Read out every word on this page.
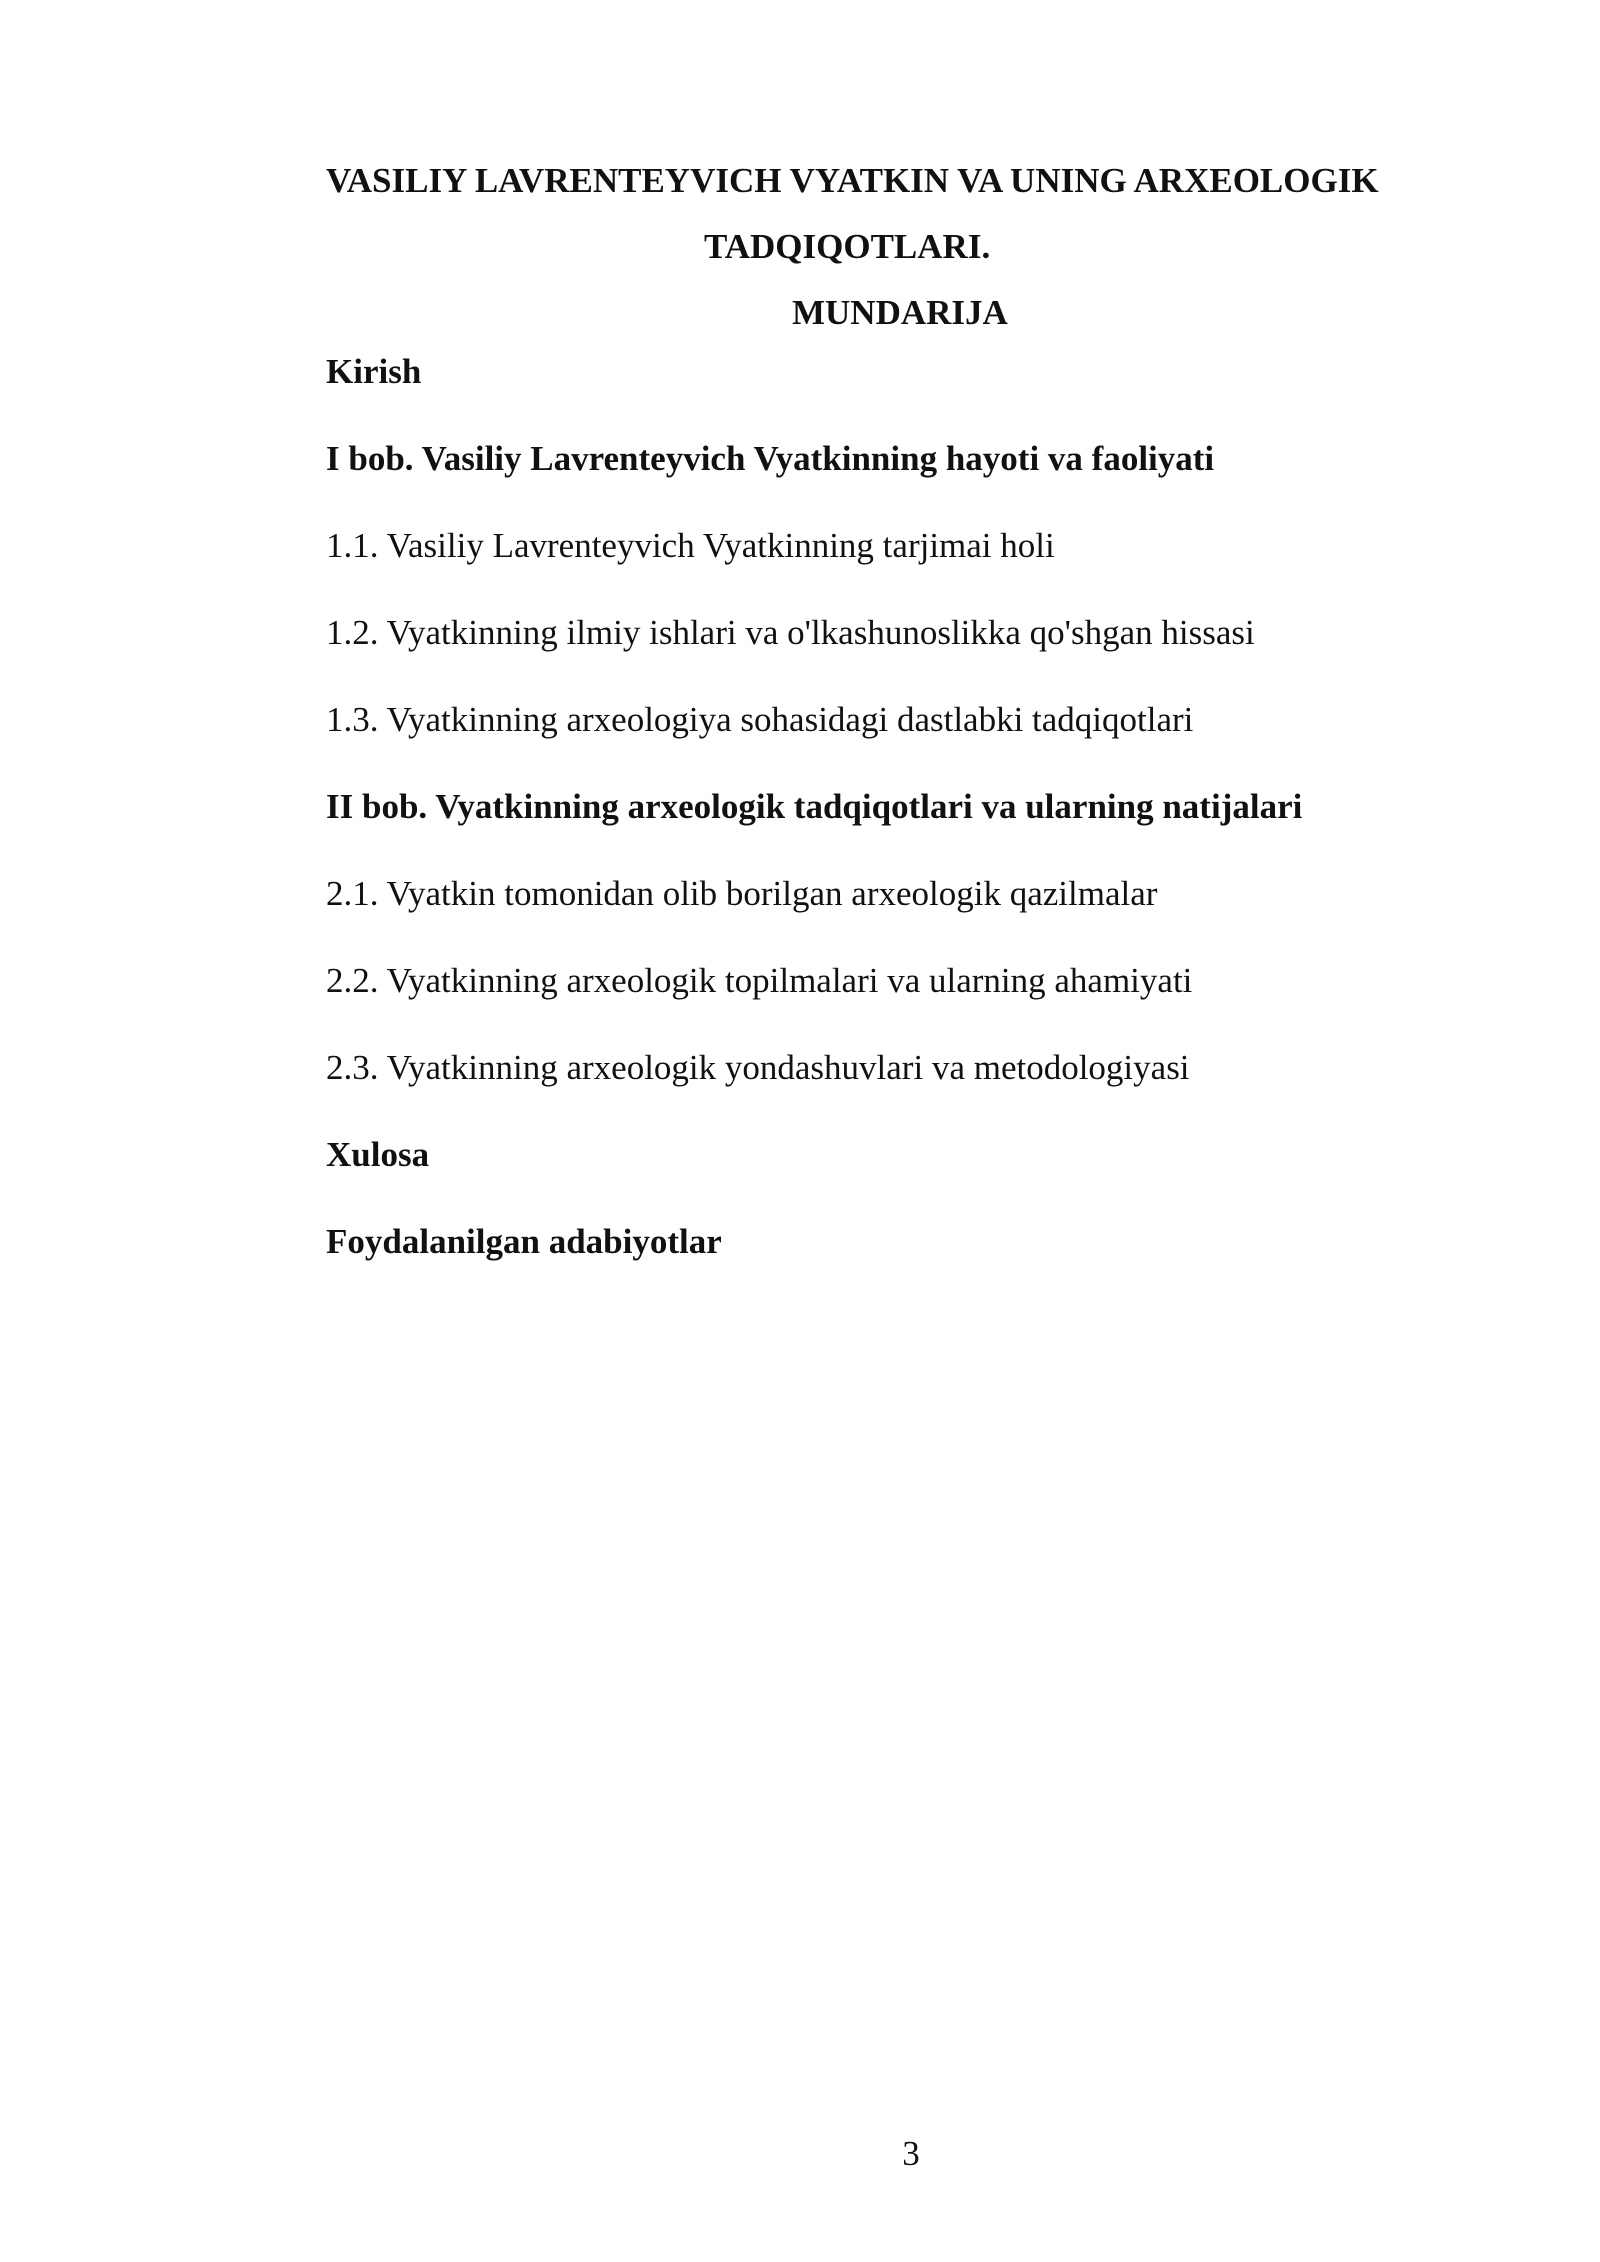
VASILIY LAVRENTEYVICH VYATKIN VA UNING ARXEOLOGIK
TADQIQOTLARI.
MUNDARIJA
Kirish
I bob. Vasiliy Lavrenteyvich Vyatkinning hayoti va faoliyati
1.1. Vasiliy Lavrenteyvich Vyatkinning tarjimai holi
1.2. Vyatkinning ilmiy ishlari va o'lkashunoslikka qo'shgan hissasi
1.3. Vyatkinning arxeologiya sohasidagi dastlabki tadqiqotlari
II bob. Vyatkinning arxeologik tadqiqotlari va ularning natijalari
2.1. Vyatkin tomonidan olib borilgan arxeologik qazilmalar
2.2. Vyatkinning arxeologik topilmalari va ularning ahamiyati
2.3. Vyatkinning arxeologik yondashuvlari va metodologiyasi
Xulosa
Foydalanilgan adabiyotlar
3
